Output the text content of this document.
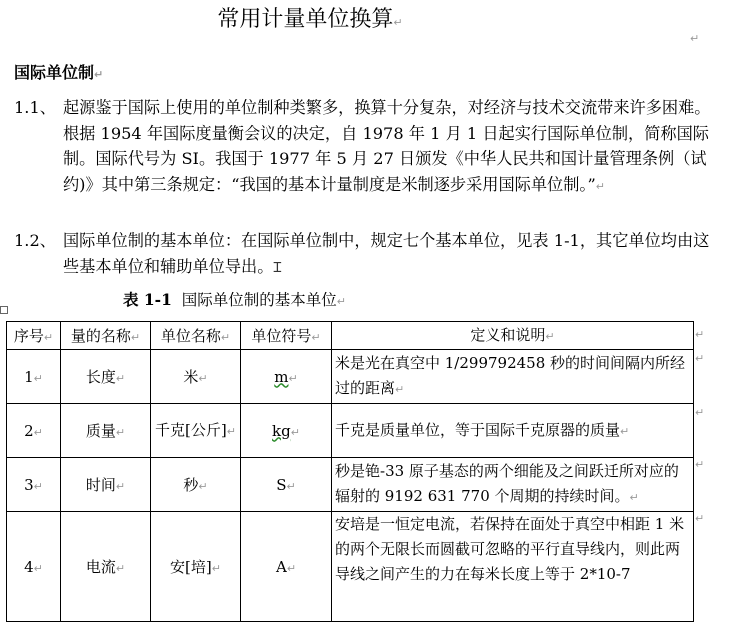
常用计量单位换算↵
↵
国际单位制↵
1.1、 起源鉴于国际上使用的单位制种类繁多，换算十分复杂，对经济与技术交流带来许多困难。根据 1954 年国际度量衡会议的决定，自 1978 年 1 月 1 日起实行国际单位制，简称国际制。国际代号为 SI。我国于 1977 年 5 月 27 日颁发《中华人民共和国计量管理条例（试约)》其中第三条规定：“我国的基本计量制度是米制逐步采用国际单位制。”↵
1.2、 国际单位制的基本单位：在国际单位制中，规定七个基本单位，见表 1-1，其它单位均由这些基本单位和辅助单位导出。Ɪ
表 1-1 国际单位制的基本单位↵
序号↵	量的名称↵	单位名称↵	单位符号↵	定义和说明↵
1↵	长度↵	米↵	m↵	米是光在真空中 1/299792458 秒的时间间隔内所经过的距离↵
2↵	质量↵	千克[公斤]↵	kg↵	千克是质量单位，等于国际千克原器的质量↵
3↵	时间↵	秒↵	S↵	秒是铯-33 原子基态的两个细能及之间跃迁所对应的辐射的 9192 631 770 个周期的持续时间。↵
4↵	电流↵	安[培]↵	A↵	安培是一恒定电流，若保持在面处于真空中相距 1 米的两个无限长而圆截可忽略的平行直导线内，则此两导线之间产生的力在每米长度上等于 2*10-7
↵
↵
↵
↵
↵
